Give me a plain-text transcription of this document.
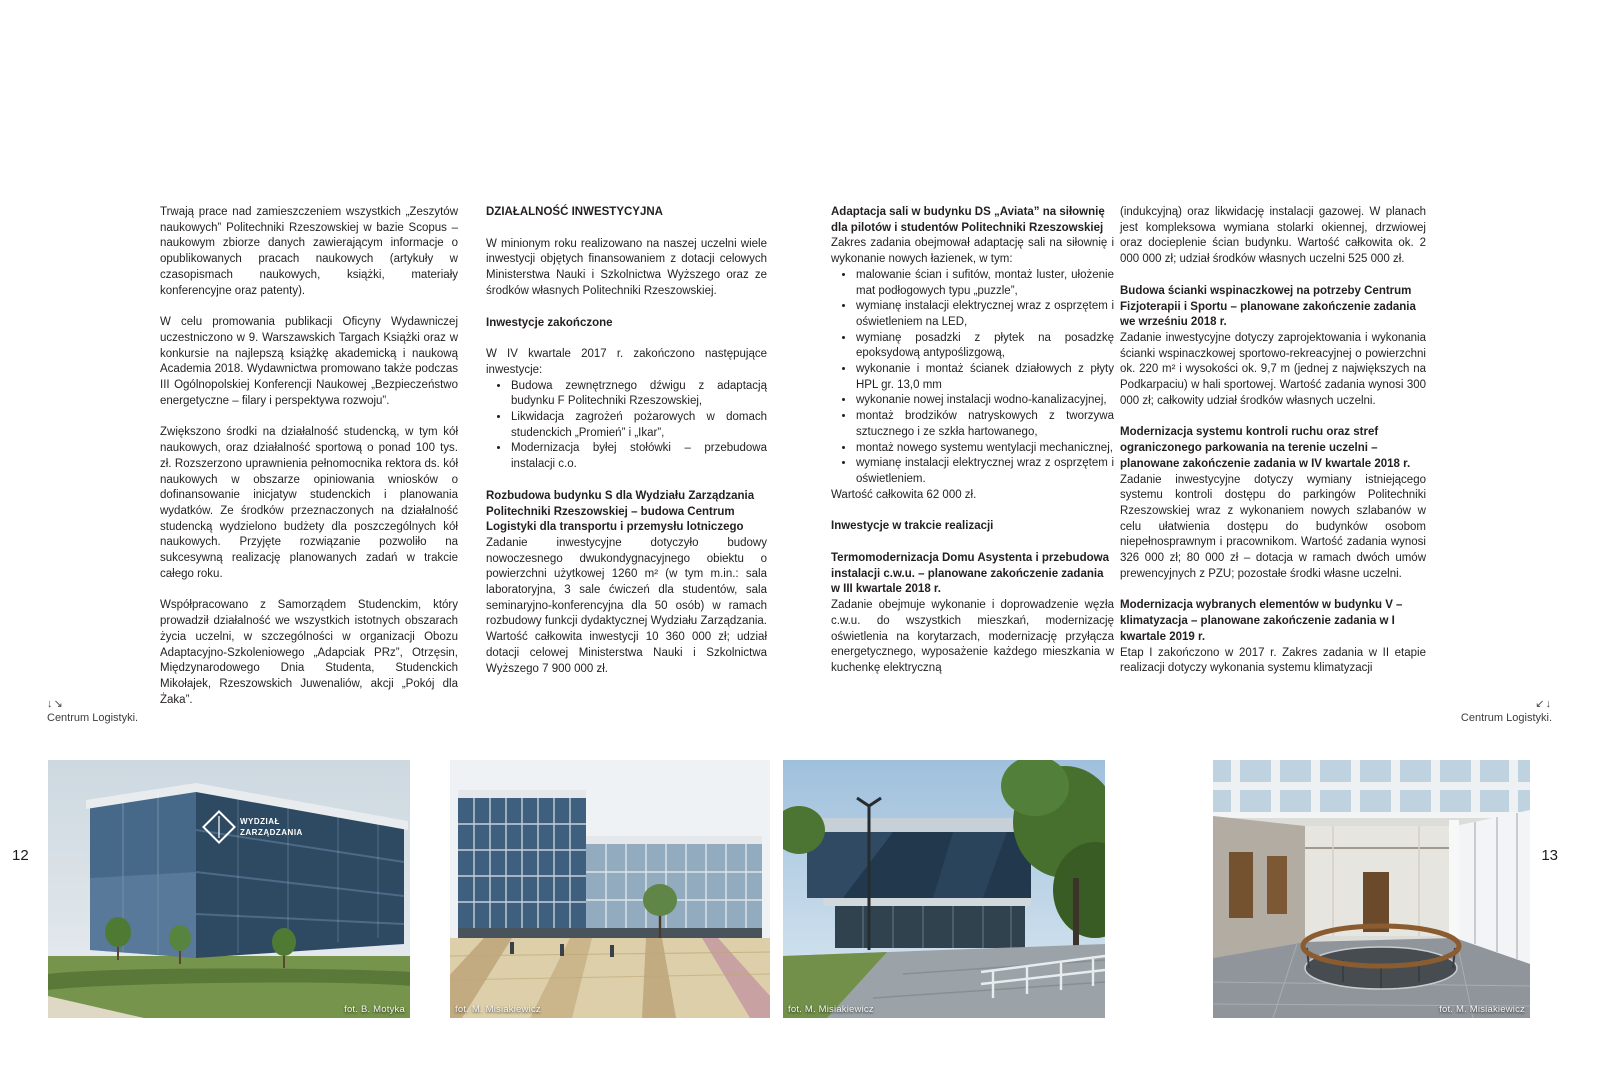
12	13
↓↘
Centrum Logistyki.
↙↓
Centrum Logistyki.

Trwają prace nad zamieszczeniem wszystkich „Zeszytów naukowych” Politechniki Rzeszowskiej w bazie Scopus – naukowym zbiorze danych zawierającym informacje o opublikowanych pracach naukowych (artykuły w czasopismach naukowych, książki, materiały konferencyjne oraz patenty).

W celu promowania publikacji Oficyny Wydawniczej uczestniczono w 9. Warszawskich Targach Książki oraz w konkursie na najlepszą książkę akademicką i naukową Academia 2018. Wydawnictwa promowano także podczas III Ogólnopolskiej Konferencji Naukowej „Bezpieczeństwo energetyczne – filary i perspektywa rozwoju”.

Zwiększono środki na działalność studencką, w tym kół naukowych, oraz działalność sportową o ponad 100 tys. zł. Rozszerzono uprawnienia pełnomocnika rektora ds. kół naukowych w obszarze opiniowania wniosków o dofinansowanie inicjatyw studenckich i planowania wydatków. Ze środków przeznaczonych na działalność studencką wydzielono budżety dla poszczególnych kół naukowych. Przyjęte rozwiązanie pozwoliło na sukcesywną realizację planowanych zadań w trakcie całego roku.

Współpracowano z Samorządem Studenckim, który prowadził działalność we wszystkich istotnych obszarach życia uczelni, w szczególności w organizacji Obozu Adaptacyjno-Szkoleniowego „Adapciak PRz”, Otrzęsin, Międzynarodowego Dnia Studenta, Studenckich Mikołajek, Rzeszowskich Juwenaliów, akcji „Pokój dla Żaka”.

DZIAŁALNOŚĆ INWESTYCYJNA

W minionym roku realizowano na naszej uczelni wiele inwestycji objętych finansowaniem z dotacji celowych Ministerstwa Nauki i Szkolnictwa Wyższego oraz ze środków własnych Politechniki Rzeszowskiej.

Inwestycje zakończone

W IV kwartale 2017 r. zakończono następujące inwestycje:

• Budowa zewnętrznego dźwigu z adaptacją budynku F Politechniki Rzeszowskiej,
• Likwidacja zagrożeń pożarowych w domach studenckich „Promień” i „Ikar”,
• Modernizacja byłej stołówki – przebudowa instalacji c.o.

Rozbudowa budynku S dla Wydziału Zarządzania Politechniki Rzeszowskiej – budowa Centrum Logistyki dla transportu i przemysłu lotniczego

Zadanie inwestycyjne dotyczyło budowy nowoczesnego dwukondygnacyjnego obiektu o powierzchni użytkowej 1260 m² (w tym m.in.: sala laboratoryjna, 3 sale ćwiczeń dla studentów, sala seminaryjno-konferencyjna dla 50 osób) w ramach rozbudowy funkcji dydaktycznej Wydziału Zarządzania. Wartość całkowita inwestycji 10 360 000 zł; udział dotacji celowej Ministerstwa Nauki i Szkolnictwa Wyższego 7 900 000 zł.

Adaptacja sali w budynku DS „Aviata” na siłownię dla pilotów i studentów Politechniki Rzeszowskiej

Zakres zadania obejmował adaptację sali na siłownię i wykonanie nowych łazienek, w tym:

• malowanie ścian i sufitów, montaż luster, ułożenie mat podłogowych typu „puzzle”,
• wymianę instalacji elektrycznej wraz z osprzętem i oświetleniem na LED,
• wymianę posadzki z płytek na posadzkę epoksydową antypoślizgową,
• wykonanie i montaż ścianek działowych z płyty HPL gr. 13,0 mm
• wykonanie nowej instalacji wodno-kanalizacyjnej,
• montaż brodzików natryskowych z tworzywa sztucznego i ze szkła hartowanego,
• montaż nowego systemu wentylacji mechanicznej,
• wymianę instalacji elektrycznej wraz z osprzętem i oświetleniem.

Wartość całkowita 62 000 zł.

Inwestycje w trakcie realizacji

Termomodernizacja Domu Asystenta i przebudowa instalacji c.w.u. – planowane zakończenie zadania w III kwartale 2018 r.

Zadanie obejmuje wykonanie i doprowadzenie węzła c.w.u. do wszystkich mieszkań, modernizację oświetlenia na korytarzach, modernizację przyłącza energetycznego, wyposażenie każdego mieszkania w kuchenkę elektryczną

(indukcyjną) oraz likwidację instalacji gazowej. W planach jest kompleksowa wymiana stolarki okiennej, drzwiowej oraz docieplenie ścian budynku. Wartość całkowita ok. 2 000 000 zł; udział środków własnych uczelni 525 000 zł.

Budowa ścianki wspinaczkowej na potrzeby Centrum Fizjoterapii i Sportu – planowane zakończenie zadania we wrześniu 2018 r.

Zadanie inwestycyjne dotyczy zaprojektowania i wykonania ścianki wspinaczkowej sportowo-rekreacyjnej o powierzchni ok. 220 m² i wysokości ok. 9,7 m (jednej z największych na Podkarpaciu) w hali sportowej. Wartość zadania wynosi 300 000 zł; całkowity udział środków własnych uczelni.

Modernizacja systemu kontroli ruchu oraz stref ograniczonego parkowania na terenie uczelni – planowane zakończenie zadania w IV kwartale 2018 r.

Zadanie inwestycyjne dotyczy wymiany istniejącego systemu kontroli dostępu do parkingów Politechniki Rzeszowskiej wraz z wykonaniem nowych szlabanów w celu ułatwienia dostępu do budynków osobom niepełnosprawnym i pracownikom. Wartość zadania wynosi 326 000 zł; 80 000 zł – dotacja w ramach dwóch umów prewencyjnych z PZU; pozostałe środki własne uczelni.

Modernizacja wybranych elementów w budynku V – klimatyzacja – planowane zakończenie zadania w I kwartale 2019 r.

Etap I zakończono w 2017 r. Zakres zadania w II etapie realizacji dotyczy wykonania systemu klimatyzacji

WYDZIAŁ
ZARZĄDZANIA
fot. B. Motyka	fot. M. Misiakiewicz	fot. M. Misiakiewicz	fot. M. Misiakiewicz
